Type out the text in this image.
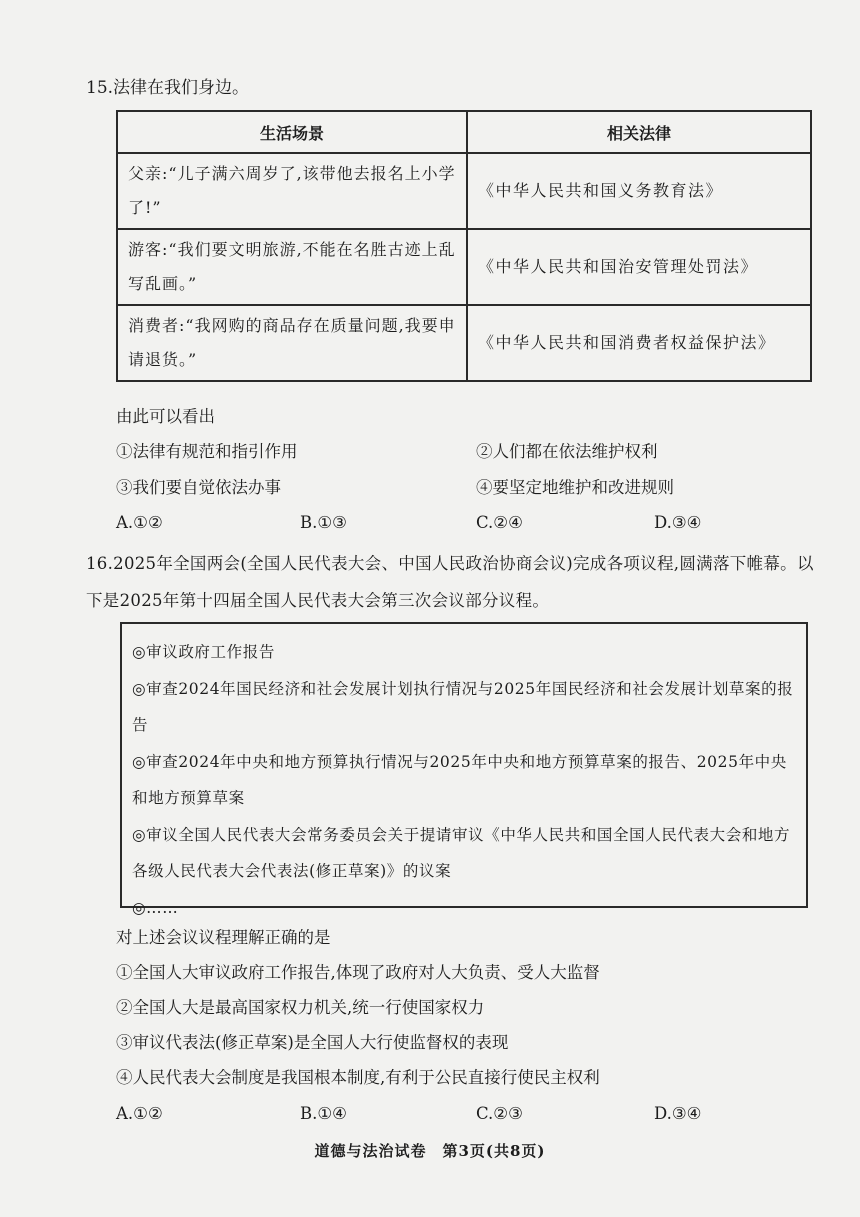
15.法律在我们身边。
生活场景	相关法律
父亲:“儿子满六周岁了,该带他去报名上小学了!”	《中华人民共和国义务教育法》
游客:“我们要文明旅游,不能在名胜古迹上乱写乱画。”	《中华人民共和国治安管理处罚法》
消费者:“我网购的商品存在质量问题,我要申请退货。”	《中华人民共和国消费者权益保护法》
由此可以看出
①法律有规范和指引作用	②人们都在依法维护权利
③我们要自觉依法办事	④要坚定地维护和改进规则
A.①②	B.①③	C.②④	D.③④
16.2025年全国两会(全国人民代表大会、中国人民政治协商会议)完成各项议程,圆满落下帷幕。以下是2025年第十四届全国人民代表大会第三次会议部分议程。
◎审议政府工作报告
◎审查2024年国民经济和社会发展计划执行情况与2025年国民经济和社会发展计划草案的报告
◎审查2024年中央和地方预算执行情况与2025年中央和地方预算草案的报告、2025年中央和地方预算草案
◎审议全国人民代表大会常务委员会关于提请审议《中华人民共和国全国人民代表大会和地方各级人民代表大会代表法(修正草案)》的议案
◎……
对上述会议议程理解正确的是
①全国人大审议政府工作报告,体现了政府对人大负责、受人大监督
②全国人大是最高国家权力机关,统一行使国家权力
③审议代表法(修正草案)是全国人大行使监督权的表现
④人民代表大会制度是我国根本制度,有利于公民直接行使民主权利
A.①②	B.①④	C.②③	D.③④
道德与法治试卷　第3页(共8页)
